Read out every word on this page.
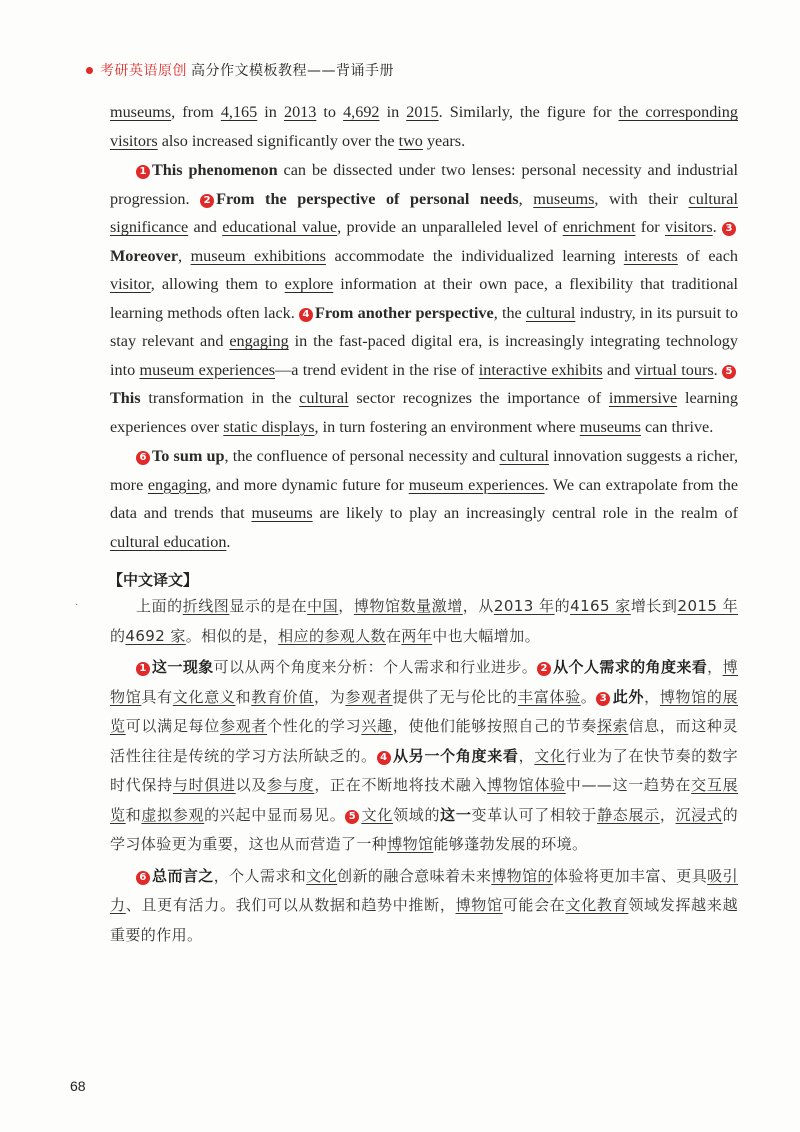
考研英语原创 高分作文模板教程——背诵手册
·

museums, from 4,165 in 2013 to 4,692 in 2015. Similarly, the figure for the corresponding visitors also increased significantly over the two years.

1 This phenomenon can be dissected under two lenses: personal necessity and industrial progression. 2 From the perspective of personal needs, museums, with their cultural significance and educational value, provide an unparalleled level of enrichment for visitors. 3Moreover, museum exhibitions accommodate the individualized learning interests of each visitor, allowing them to explore information at their own pace, a flexibility that traditional learning methods often lack. 4 From another perspective, the cultural industry, in its pursuit to stay relevant and engaging in the fast-paced digital era, is increasingly integrating technology into museum experiences—a trend evident in the rise of interactive exhibits and virtual tours. 5This transformation in the cultural sector recognizes the importance of immersive learning experiences over static displays, in turn fostering an environment where museums can thrive.

6 To sum up, the confluence of personal necessity and cultural innovation suggests a richer, more engaging, and more dynamic future for museum experiences. We can extrapolate from the data and trends that museums are likely to play an increasingly central role in the realm of cultural education.

【中文译文】

上面的折线图显示的是在中国，博物馆数量激增，从2013 年的4165 家增长到2015 年的4692 家。相似的是，相应的参观人数在两年中也大幅增加。

1 这一现象可以从两个角度来分析：个人需求和行业进步。 2 从个人需求的角度来看，博物馆具有文化意义和教育价值，为参观者提供了无与伦比的丰富体验。 3 此外，博物馆的展览可以满足每位参观者个性化的学习兴趣，使他们能够按照自己的节奏探索信息，而这种灵活性往往是传统的学习方法所缺乏的。 4 从另一个角度来看，文化行业为了在快节奏的数字时代保持与时俱进以及参与度，正在不断地将技术融入博物馆体验中——这一趋势在交互展览和虚拟参观的兴起中显而易见。 5 文化领域的这一变革认可了相较于静态展示，沉浸式的学习体验更为重要，这也从而营造了一种博物馆能够蓬勃发展的环境。

6 总而言之，个人需求和文化创新的融合意味着未来博物馆的体验将更加丰富、更具吸引力、且更有活力。我们可以从数据和趋势中推断，博物馆可能会在文化教育领域发挥越来越重要的作用。

68
